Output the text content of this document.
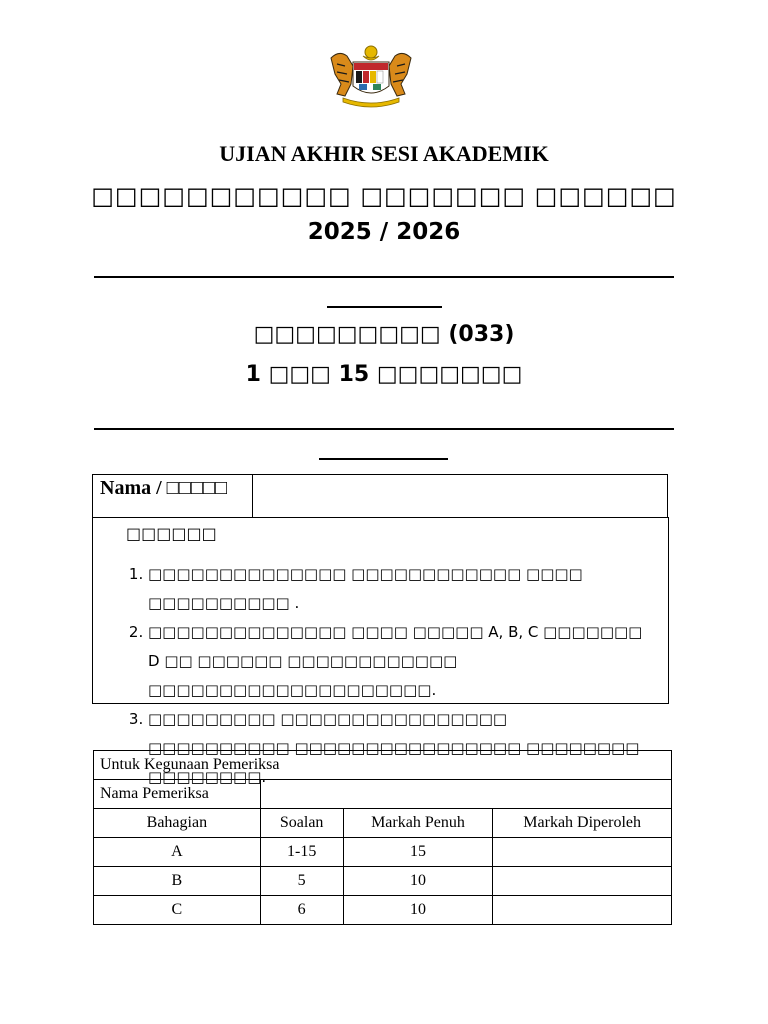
UJIAN AKHIR SESI AKADEMIK
□□□□□□□□□□□ □□□□□□□ □□□□□□
2025 / 2026
□□□□□□□□□ (033)
1 □□□ 15 □□□□□□□
Nama / □□□□□
□□□□□□
1. □□□□□□□□□□□□□□ □□□□□□□□□□□□ □□□□ □□□□□□□□□□ .
2. □□□□□□□□□□□□□□ □□□□ □□□□□ A, B, C □□□□□□□ D □□ □□□□□□ □□□□□□□□□□□□ □□□□□□□□□□□□□□□□□□□□.
3. □□□□□□□□□ □□□□□□□□□□□□□□□□ □□□□□□□□□□ □□□□□□□□□□□□□□□□ □□□□□□□□ □□□□□□□□.
Untuk Kegunaan Pemeriksa			
Nama Pemeriksa			
Bahagian	Soalan	Markah Penuh	Markah Diperoleh
A	1-15	15	
B	5	10	
C	6	10	
